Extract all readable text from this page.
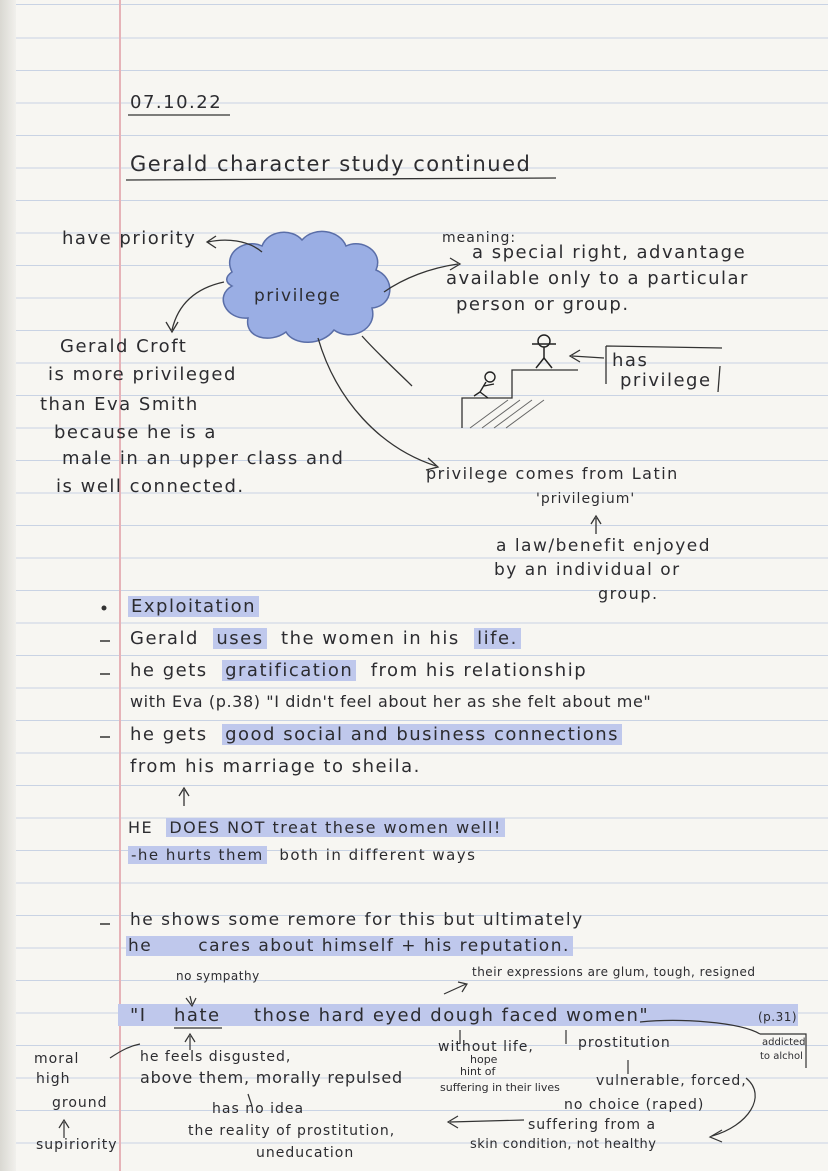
07.10.22
Gerald character study continued
have priority
privilege
meaning:
a special right, advantage
available only to a particular
person or group.
has
privilege
Gerald Croft
is more privileged
than Eva Smith
because he is a
male in an upper class and
is well connected.
privilege comes from Latin
'privilegium'
a law/benefit enjoyed
by an individual or
group.
Exploitation
Gerald uses the women in his life.
he gets gratification from his relationship
with Eva (p.38) "I didn't feel about her as she felt about me"
he gets good social and business connections
from his marriage to sheila.
HE DOES NOT treat these women well!
-he hurts them both in different ways
he shows some remore for this but ultimately
he	cares about himself + his reputation.
no sympathy	their expressions are glum, tough, resigned
"I hate those hard eyed dough faced women"	(p.31)
addicted
to alchol
without life,	prostitution
hope
hint of
suffering in their lives	vulnerable, forced,
no choice (raped)
suffering from a
skin condition, not healthy
he feels disgusted,
above them, morally repulsed
has no idea
the reality of prostitution,
uneducation
moral
high
ground
supiriority
